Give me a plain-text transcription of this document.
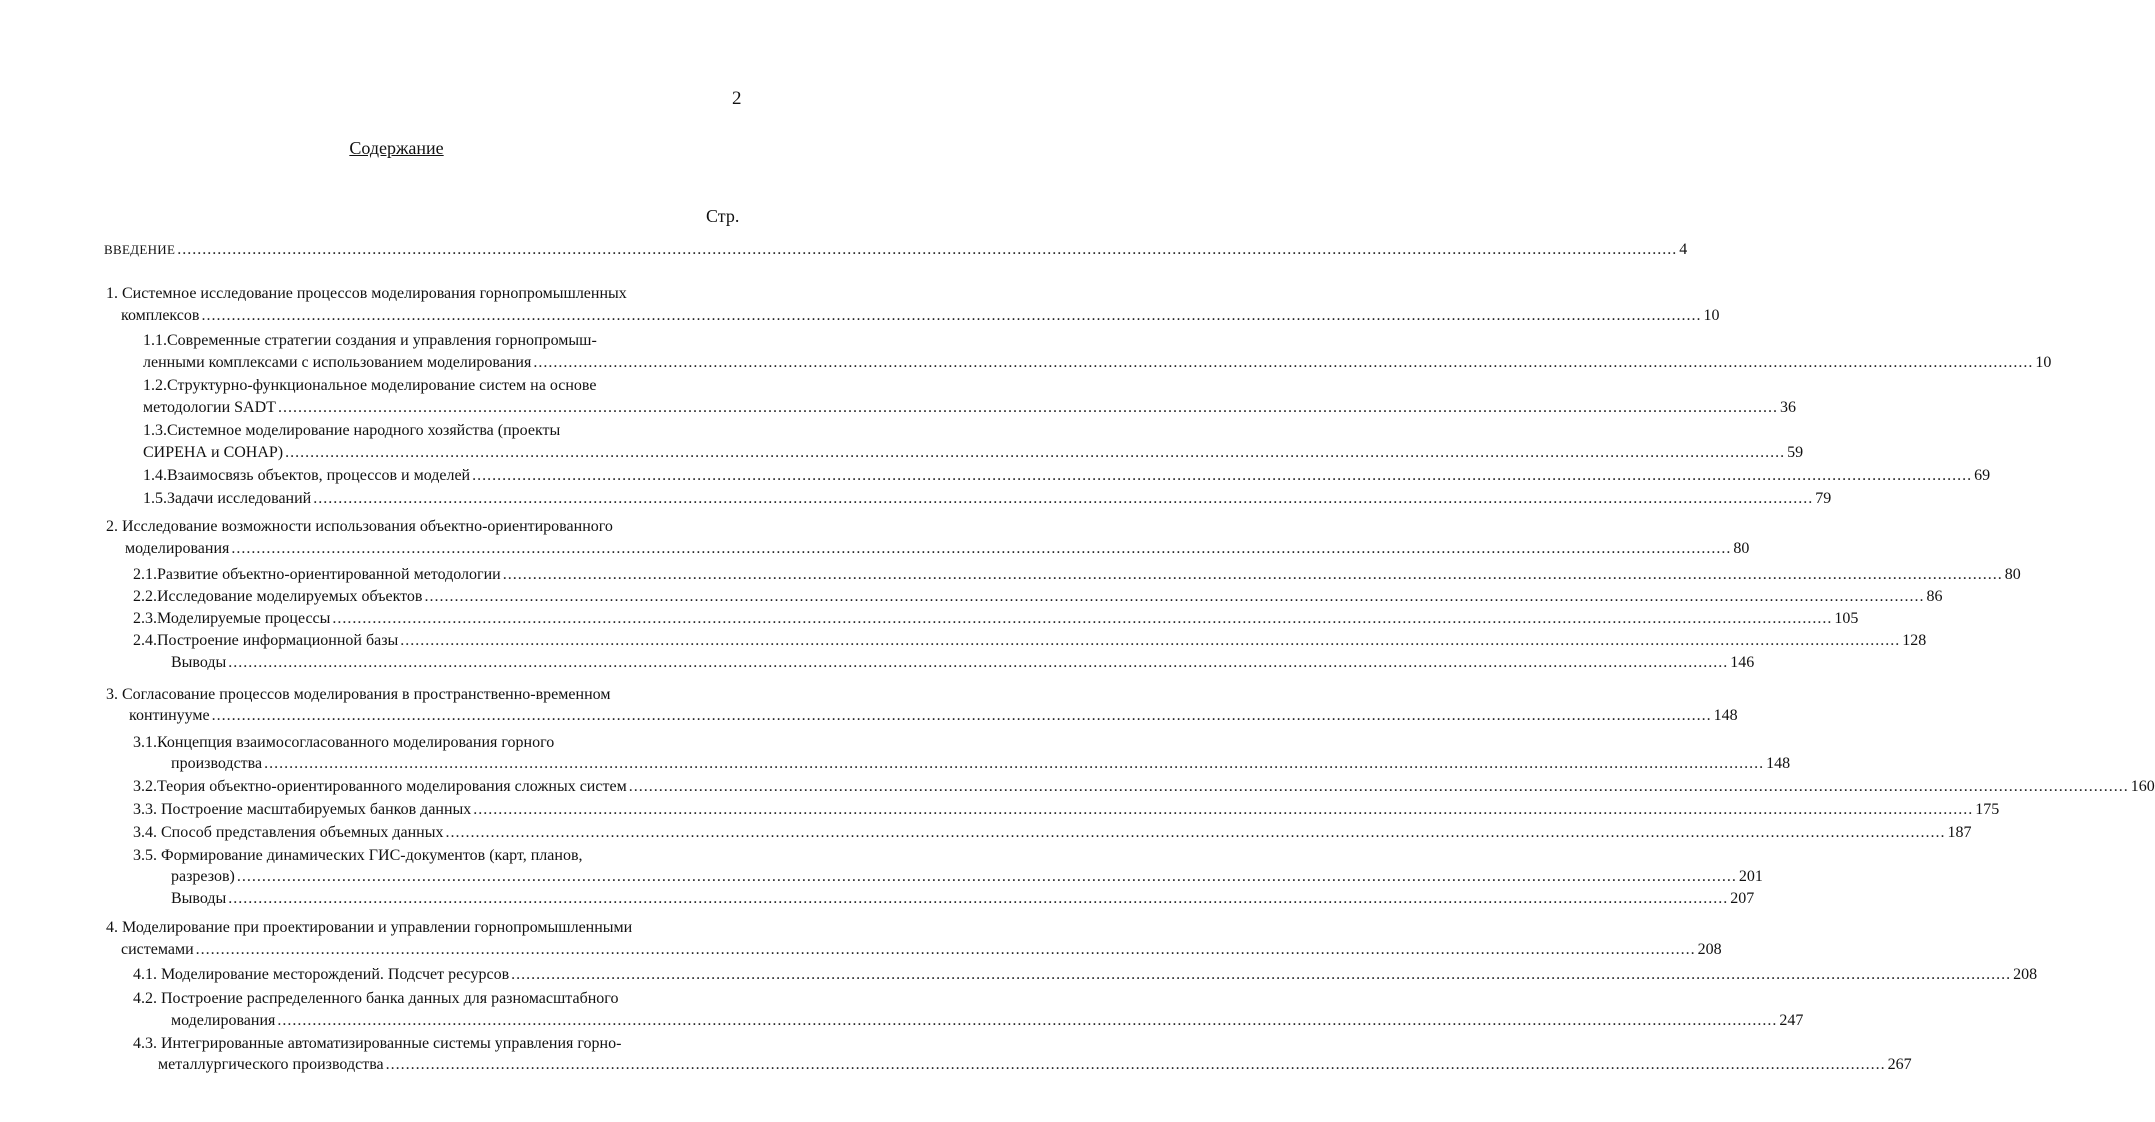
2
Содержание
Стр.
ВВЕДЕНИЕ ............................................................................................................................................................................................................................................................................................................ 4
1. Системное исследование процессов моделирования горнопромышленных
комплексов ............................................................................................................................................................................................................................................................................................................ 10
1.1.Современные стратегии создания и управления горнопромыш-
ленными комплексами с использованием моделирования ............................................................................................................................................................................................................................................................................................................ 10
1.2.Структурно-функциональное моделирование систем на основе
методологии SADT ............................................................................................................................................................................................................................................................................................................ 36
1.3.Системное моделирование народного хозяйства (проекты
СИРЕНА и СОНАР) ............................................................................................................................................................................................................................................................................................................ 59
1.4.Взаимосвязь объектов, процессов и моделей ............................................................................................................................................................................................................................................................................................................ 69
1.5.Задачи исследований ............................................................................................................................................................................................................................................................................................................ 79
2. Исследование возможности использования объектно-ориентированного
моделирования ............................................................................................................................................................................................................................................................................................................ 80
2.1.Развитие объектно-ориентированной методологии ............................................................................................................................................................................................................................................................................................................ 80
2.2.Исследование моделируемых объектов ............................................................................................................................................................................................................................................................................................................ 86
2.3.Моделируемые процессы ............................................................................................................................................................................................................................................................................................................ 105
2.4.Построение информационной базы ............................................................................................................................................................................................................................................................................................................ 128
Выводы ............................................................................................................................................................................................................................................................................................................ 146
3. Согласование процессов моделирования в пространственно-временном
континууме ............................................................................................................................................................................................................................................................................................................ 148
3.1.Концепция взаимосогласованного моделирования горного
производства ............................................................................................................................................................................................................................................................................................................ 148
3.2.Теория объектно-ориентированного моделирования сложных систем ............................................................................................................................................................................................................................................................................................................ 160
3.3. Построение масштабируемых банков данных ............................................................................................................................................................................................................................................................................................................ 175
3.4. Способ представления объемных данных ............................................................................................................................................................................................................................................................................................................ 187
3.5. Формирование динамических ГИС-документов (карт, планов,
разрезов) ............................................................................................................................................................................................................................................................................................................ 201
Выводы ............................................................................................................................................................................................................................................................................................................ 207
4. Моделирование при проектировании и управлении горнопромышленными
системами ............................................................................................................................................................................................................................................................................................................ 208
4.1. Моделирование месторождений. Подсчет ресурсов ............................................................................................................................................................................................................................................................................................................ 208
4.2. Построение распределенного банка данных для разномасштабного
моделирования ............................................................................................................................................................................................................................................................................................................ 247
4.3. Интегрированные автоматизированные системы управления горно-
металлургического производства ............................................................................................................................................................................................................................................................................................................ 267
